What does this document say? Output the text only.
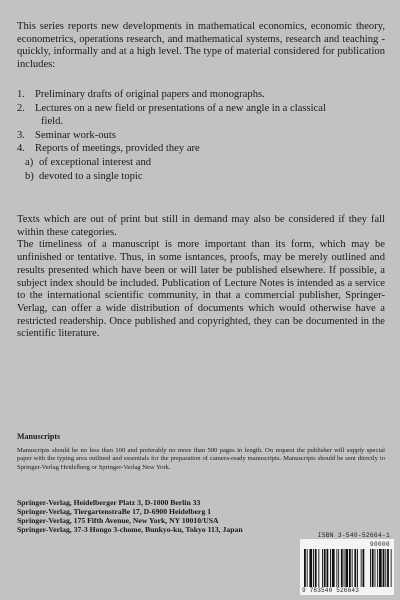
This series reports new developments in mathematical economics, economic theory, econometrics, operations research, and mathematical systems, research and teaching - quickly, informally and at a high level. The type of material considered for publication includes:

1. Preliminary drafts of original papers and monographs.
2. Lectures on a new field or presentations of a new angle in a classical
field.
3. Seminar work-outs
4. Reports of meetings, provided they are
a) of exceptional interest and
b) devoted to a single topic

Texts which are out of print but still in demand may also be considered if they fall within these categories.

The timeliness of a manuscript is more important than its form, which may be unfinished or tentative. Thus, in some isntances, proofs, may be merely outlined and results presented which have been or will later be published elsewhere. If possible, a subject index should be included. Publication of Lecture Notes is intended as a service to the international scientific community, in that a commercial publisher, Springer-Verlag, can offer a wide distribution of documents which would otherwise have a restricted readership. Once published and copyrighted, they can be documented in the scientific literature.

Manuscripts

Manuscripts should be no less than 100 and preferably no more than 500 pages in length. On request the publisher will supply special paper with the typing area outlined and essentials for the preparation of camera-ready manuscripts. Manuscripts should be sent directly to Springer-Verlag Heidelberg or Springer-Verlag New York.

Springer-Verlag, Heidelberger Platz 3, D-1000 Berlin 33
Springer-Verlag, TiergartenstraBe 17, D-6900 Heidelberg 1
Springer-Verlag, 175 Fifth Avenue, New York, NY 10010/USA
Springer-Verlag, 37-3 Hongo 3-chome, Bunkyo-ku, Tokyo 113, Japan
ISBN 3-540-52664-1
90000
9 783540 526643
